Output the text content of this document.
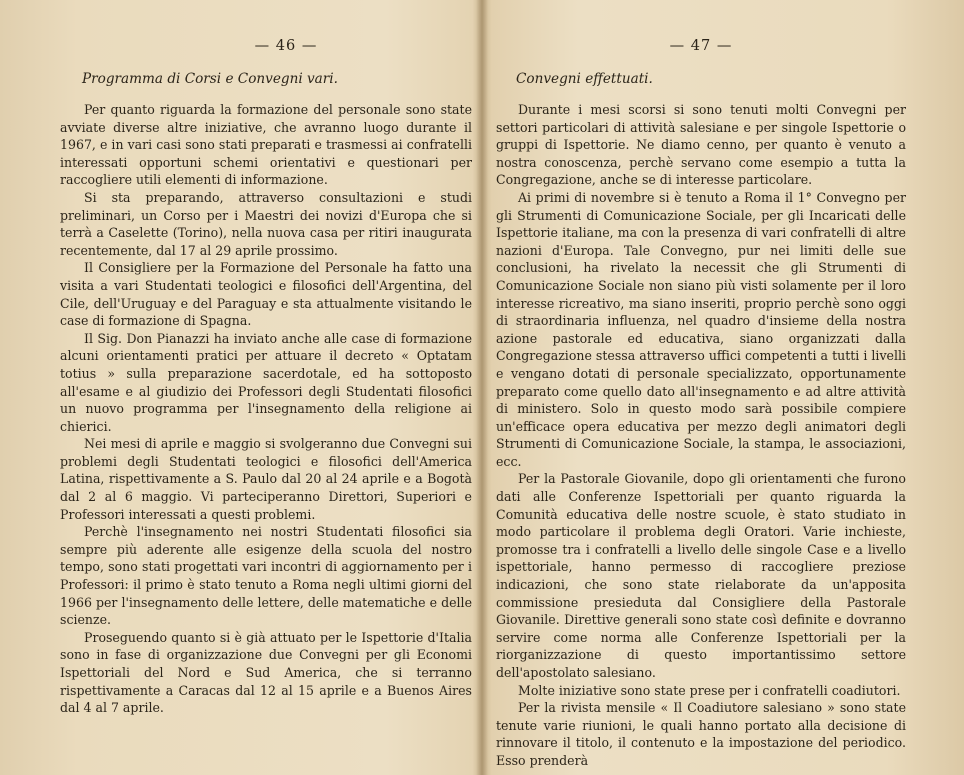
— 46 —
Programma di Corsi e Convegni vari.

Per quanto riguarda la formazione del personale sono state avviate diverse altre iniziative, che avranno luogo durante il 1967, e in vari casi sono stati preparati e trasmessi ai confratelli interessati opportuni schemi orientativi e questionari per raccogliere utili elementi di informazione.

Si sta preparando, attraverso consultazioni e studi preliminari, un Corso per i Maestri dei novizi d'Europa che si terrà a Caselette (Torino), nella nuova casa per ritiri inaugurata recentemente, dal 17 al 29 aprile prossimo.

Il Consigliere per la Formazione del Personale ha fatto una visita a vari Studentati teologici e filosofici dell'Argentina, del Cile, dell'Uruguay e del Paraguay e sta attualmente visitando le case di formazione di Spagna.

Il Sig. Don Pianazzi ha inviato anche alle case di formazione alcuni orientamenti pratici per attuare il decreto « Optatam totius » sulla preparazione sacerdotale, ed ha sottoposto all'esame e al giudizio dei Professori degli Studentati filosofici un nuovo programma per l'insegnamento della religione ai chierici.

Nei mesi di aprile e maggio si svolgeranno due Convegni sui problemi degli Studentati teologici e filosofici dell'America Latina, rispettivamente a S. Paulo dal 20 al 24 aprile e a Bogotà dal 2 al 6 maggio. Vi parteciperanno Direttori, Superiori e Professori interessati a questi problemi.

Perchè l'insegnamento nei nostri Studentati filosofici sia sempre più aderente alle esigenze della scuola del nostro tempo, sono stati progettati vari incontri di aggiornamento per i Professori: il primo è stato tenuto a Roma negli ultimi giorni del 1966 per l'insegnamento delle lettere, delle matematiche e delle scienze.

Proseguendo quanto si è già attuato per le Ispettorie d'Italia sono in fase di organizzazione due Convegni per gli Economi Ispettoriali del Nord e Sud America, che si terranno rispettivamente a Caracas dal 12 al 15 aprile e a Buenos Aires dal 4 al 7 aprile.

— 47 —
Convegni effettuati.

Durante i mesi scorsi si sono tenuti molti Convegni per settori particolari di attività salesiane e per singole Ispettorie o gruppi di Ispettorie. Ne diamo cenno, per quanto è venuto a nostra conoscenza, perchè servano come esempio a tutta la Congregazione, anche se di interesse particolare.

Ai primi di novembre si è tenuto a Roma il 1° Convegno per gli Strumenti di Comunicazione Sociale, per gli Incaricati delle Ispettorie italiane, ma con la presenza di vari confratelli di altre nazioni d'Europa. Tale Convegno, pur nei limiti delle sue conclusioni, ha rivelato la necessit che gli Strumenti di Comunicazione Sociale non siano più visti solamente per il loro interesse ricreativo, ma siano inseriti, proprio perchè sono oggi di straordinaria influenza, nel quadro d'insieme della nostra azione pastorale ed educativa, siano organizzati dalla Congregazione stessa attraverso uffici competenti a tutti i livelli e vengano dotati di personale specializzato, opportunamente preparato come quello dato all'insegnamento e ad altre attività di ministero. Solo in questo modo sarà possibile compiere un'efficace opera educativa per mezzo degli animatori degli Strumenti di Comunicazione Sociale, la stampa, le associazioni, ecc.

Per la Pastorale Giovanile, dopo gli orientamenti che furono dati alle Conferenze Ispettoriali per quanto riguarda la Comunità educativa delle nostre scuole, è stato studiato in modo particolare il problema degli Oratori. Varie inchieste, promosse tra i confratelli a livello delle singole Case e a livello ispettoriale, hanno permesso di raccogliere preziose indicazioni, che sono state rielaborate da un'apposita commissione presieduta dal Consigliere della Pastorale Giovanile. Direttive generali sono state così definite e dovranno servire come norma alle Conferenze Ispettoriali per la riorganizzazione di questo importantissimo settore dell'apostolato salesiano.

Molte iniziative sono state prese per i confratelli coadiutori.

Per la rivista mensile « Il Coadiutore salesiano » sono state tenute varie riunioni, le quali hanno portato alla decisione di rinnovare il titolo, il contenuto e la impostazione del periodico. Esso prenderà
